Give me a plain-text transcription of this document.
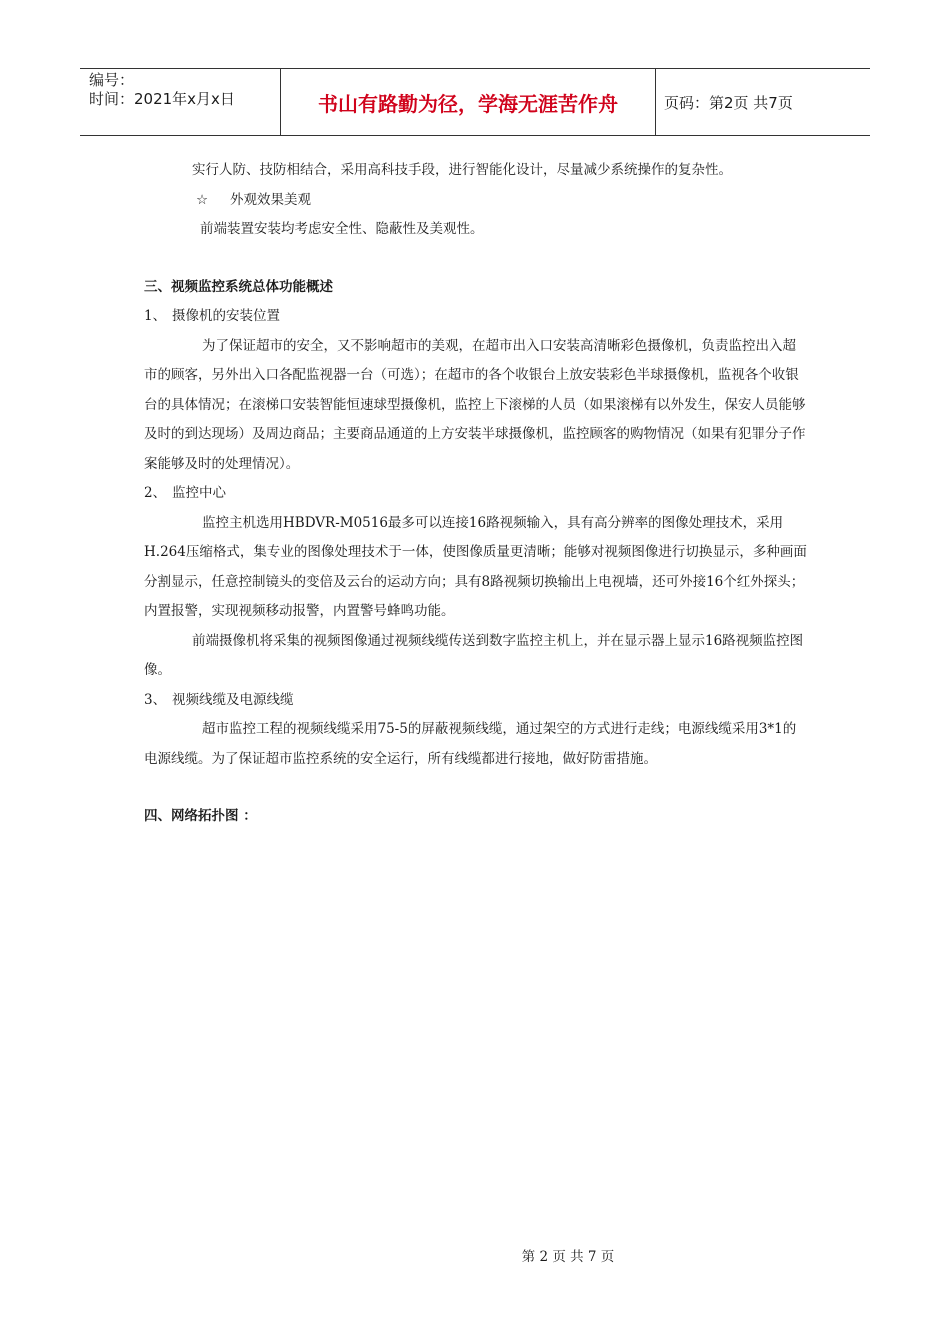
编号：
时间：2021年x月x日	书山有路勤为径，学海无涯苦作舟	页码：第2页 共7页

实行人防、技防相结合，采用高科技手段，进行智能化设计，尽量减少系统操作的复杂性。

☆ 外观效果美观

前端装置安装均考虑安全性、隐蔽性及美观性。

三、视频监控系统总体功能概述

1、 摄像机的安装位置

为了保证超市的安全，又不影响超市的美观，在超市出入口安装高清晰彩色摄像机，负责监控出入超市的顾客，另外出入口各配监视器一台（可选）；在超市的各个收银台上放安装彩色半球摄像机，监视各个收银台的具体情况；在滚梯口安装智能恒速球型摄像机，监控上下滚梯的人员（如果滚梯有以外发生，保安人员能够及时的到达现场）及周边商品；主要商品通道的上方安装半球摄像机，监控顾客的购物情况（如果有犯罪分子作案能够及时的处理情况）。

2、 监控中心

监控主机选用HBDVR-M0516最多可以连接16路视频输入，具有高分辨率的图像处理技术，采用H.264压缩格式，集专业的图像处理技术于一体，使图像质量更清晰；能够对视频图像进行切换显示，多种画面分割显示，任意控制镜头的变倍及云台的运动方向；具有8路视频切换输出上电视墙，还可外接16个红外探头；内置报警，实现视频移动报警，内置警号蜂鸣功能。

前端摄像机将采集的视频图像通过视频线缆传送到数字监控主机上，并在显示器上显示16路视频监控图像。

3、 视频线缆及电源线缆

超市监控工程的视频线缆采用75-5的屏蔽视频线缆，通过架空的方式进行走线；电源线缆采用3*1的电源线缆。为了保证超市监控系统的安全运行，所有线缆都进行接地，做好防雷措施。

四、网络拓扑图 ：

第 2 页 共 7 页
